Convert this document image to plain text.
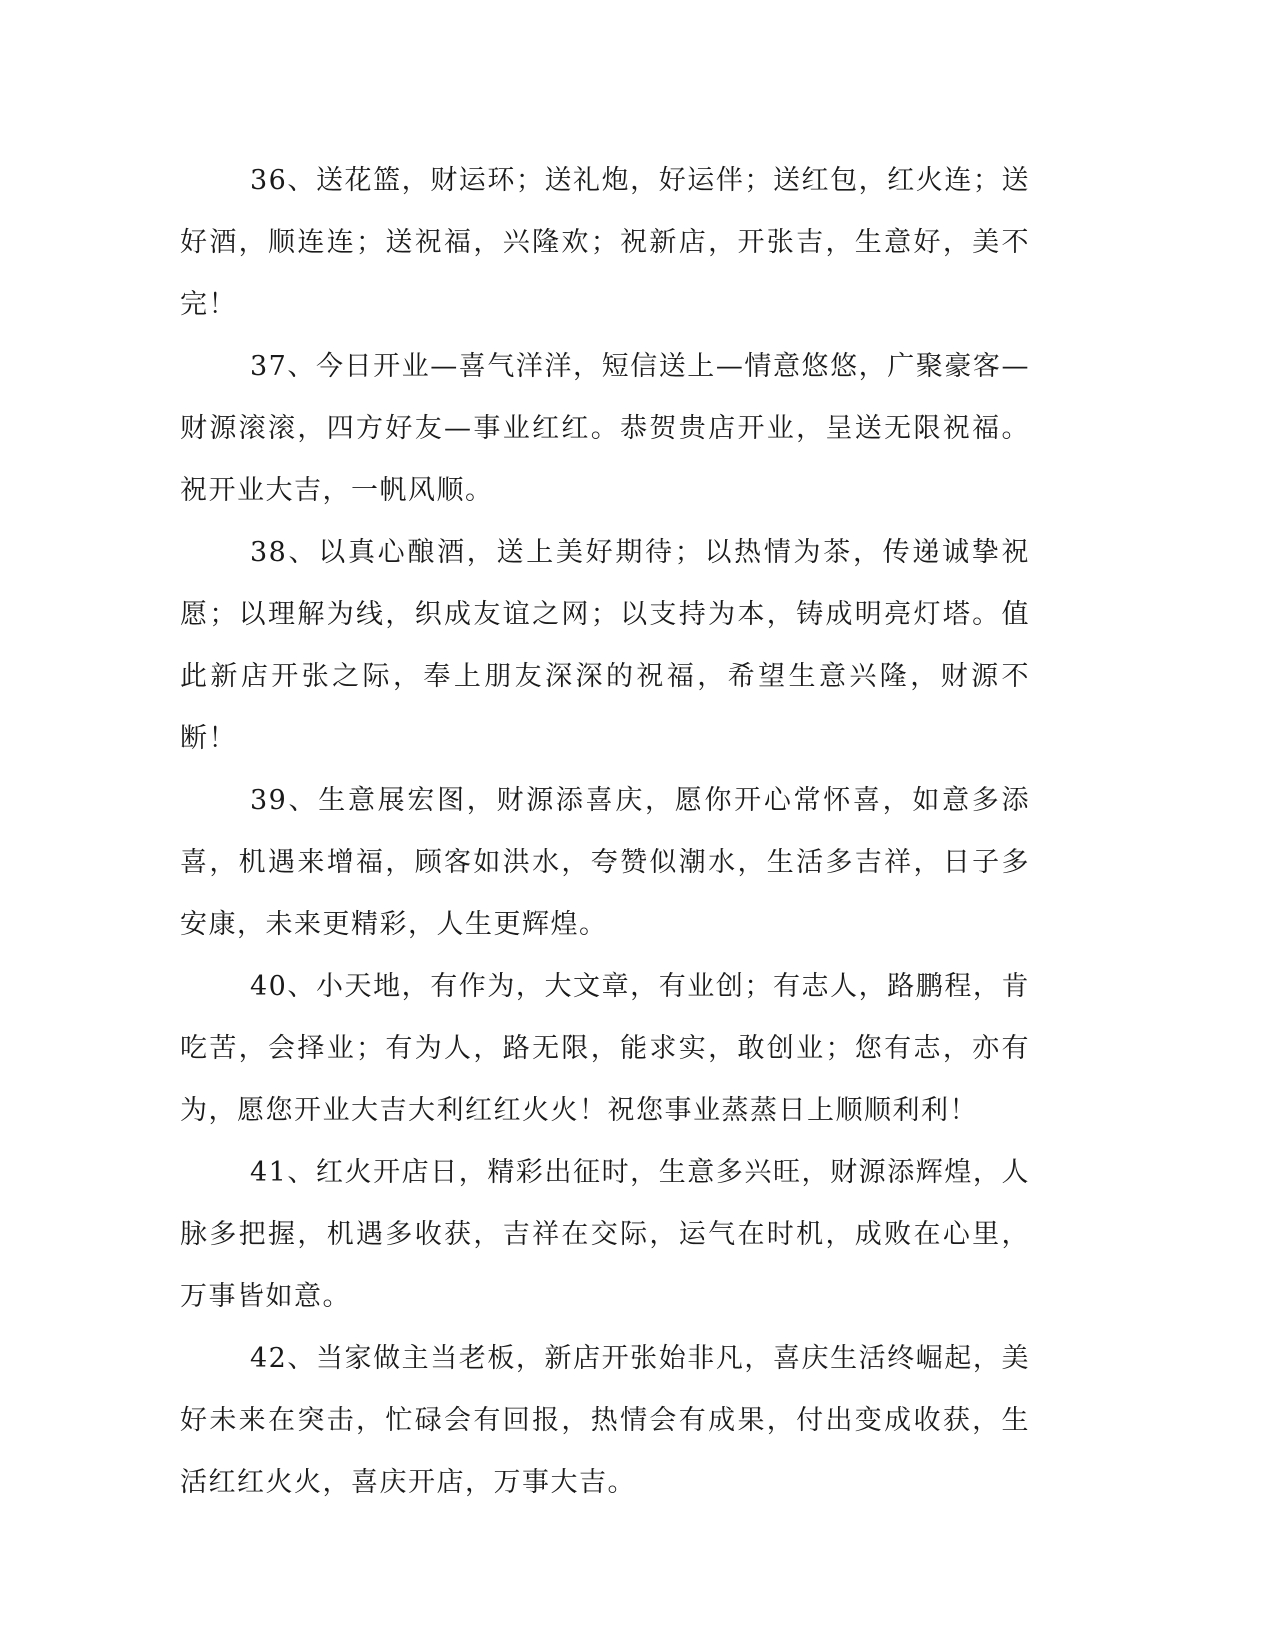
36、送花篮，财运环；送礼炮，好运伴；送红包，红火连；送好酒，顺连连；送祝福，兴隆欢；祝新店，开张吉，生意好，美不完！

37、今日开业—喜气洋洋，短信送上—情意悠悠，广聚豪客—财源滚滚，四方好友—事业红红。恭贺贵店开业，呈送无限祝福。祝开业大吉，一帆风顺。

38、以真心酿酒，送上美好期待；以热情为茶，传递诚挚祝愿；以理解为线，织成友谊之网；以支持为本，铸成明亮灯塔。值此新店开张之际，奉上朋友深深的祝福，希望生意兴隆，财源不断！

39、生意展宏图，财源添喜庆，愿你开心常怀喜，如意多添喜，机遇来增福，顾客如洪水，夸赞似潮水，生活多吉祥，日子多安康，未来更精彩，人生更辉煌。

40、小天地，有作为，大文章，有业创；有志人，路鹏程，肯吃苦，会择业；有为人，路无限，能求实，敢创业；您有志，亦有为，愿您开业大吉大利红红火火！祝您事业蒸蒸日上顺顺利利！

41、红火开店日，精彩出征时，生意多兴旺，财源添辉煌，人脉多把握，机遇多收获，吉祥在交际，运气在时机，成败在心里，万事皆如意。

42、当家做主当老板，新店开张始非凡，喜庆生活终崛起，美好未来在突击，忙碌会有回报，热情会有成果，付出变成收获，生活红红火火，喜庆开店，万事大吉。
